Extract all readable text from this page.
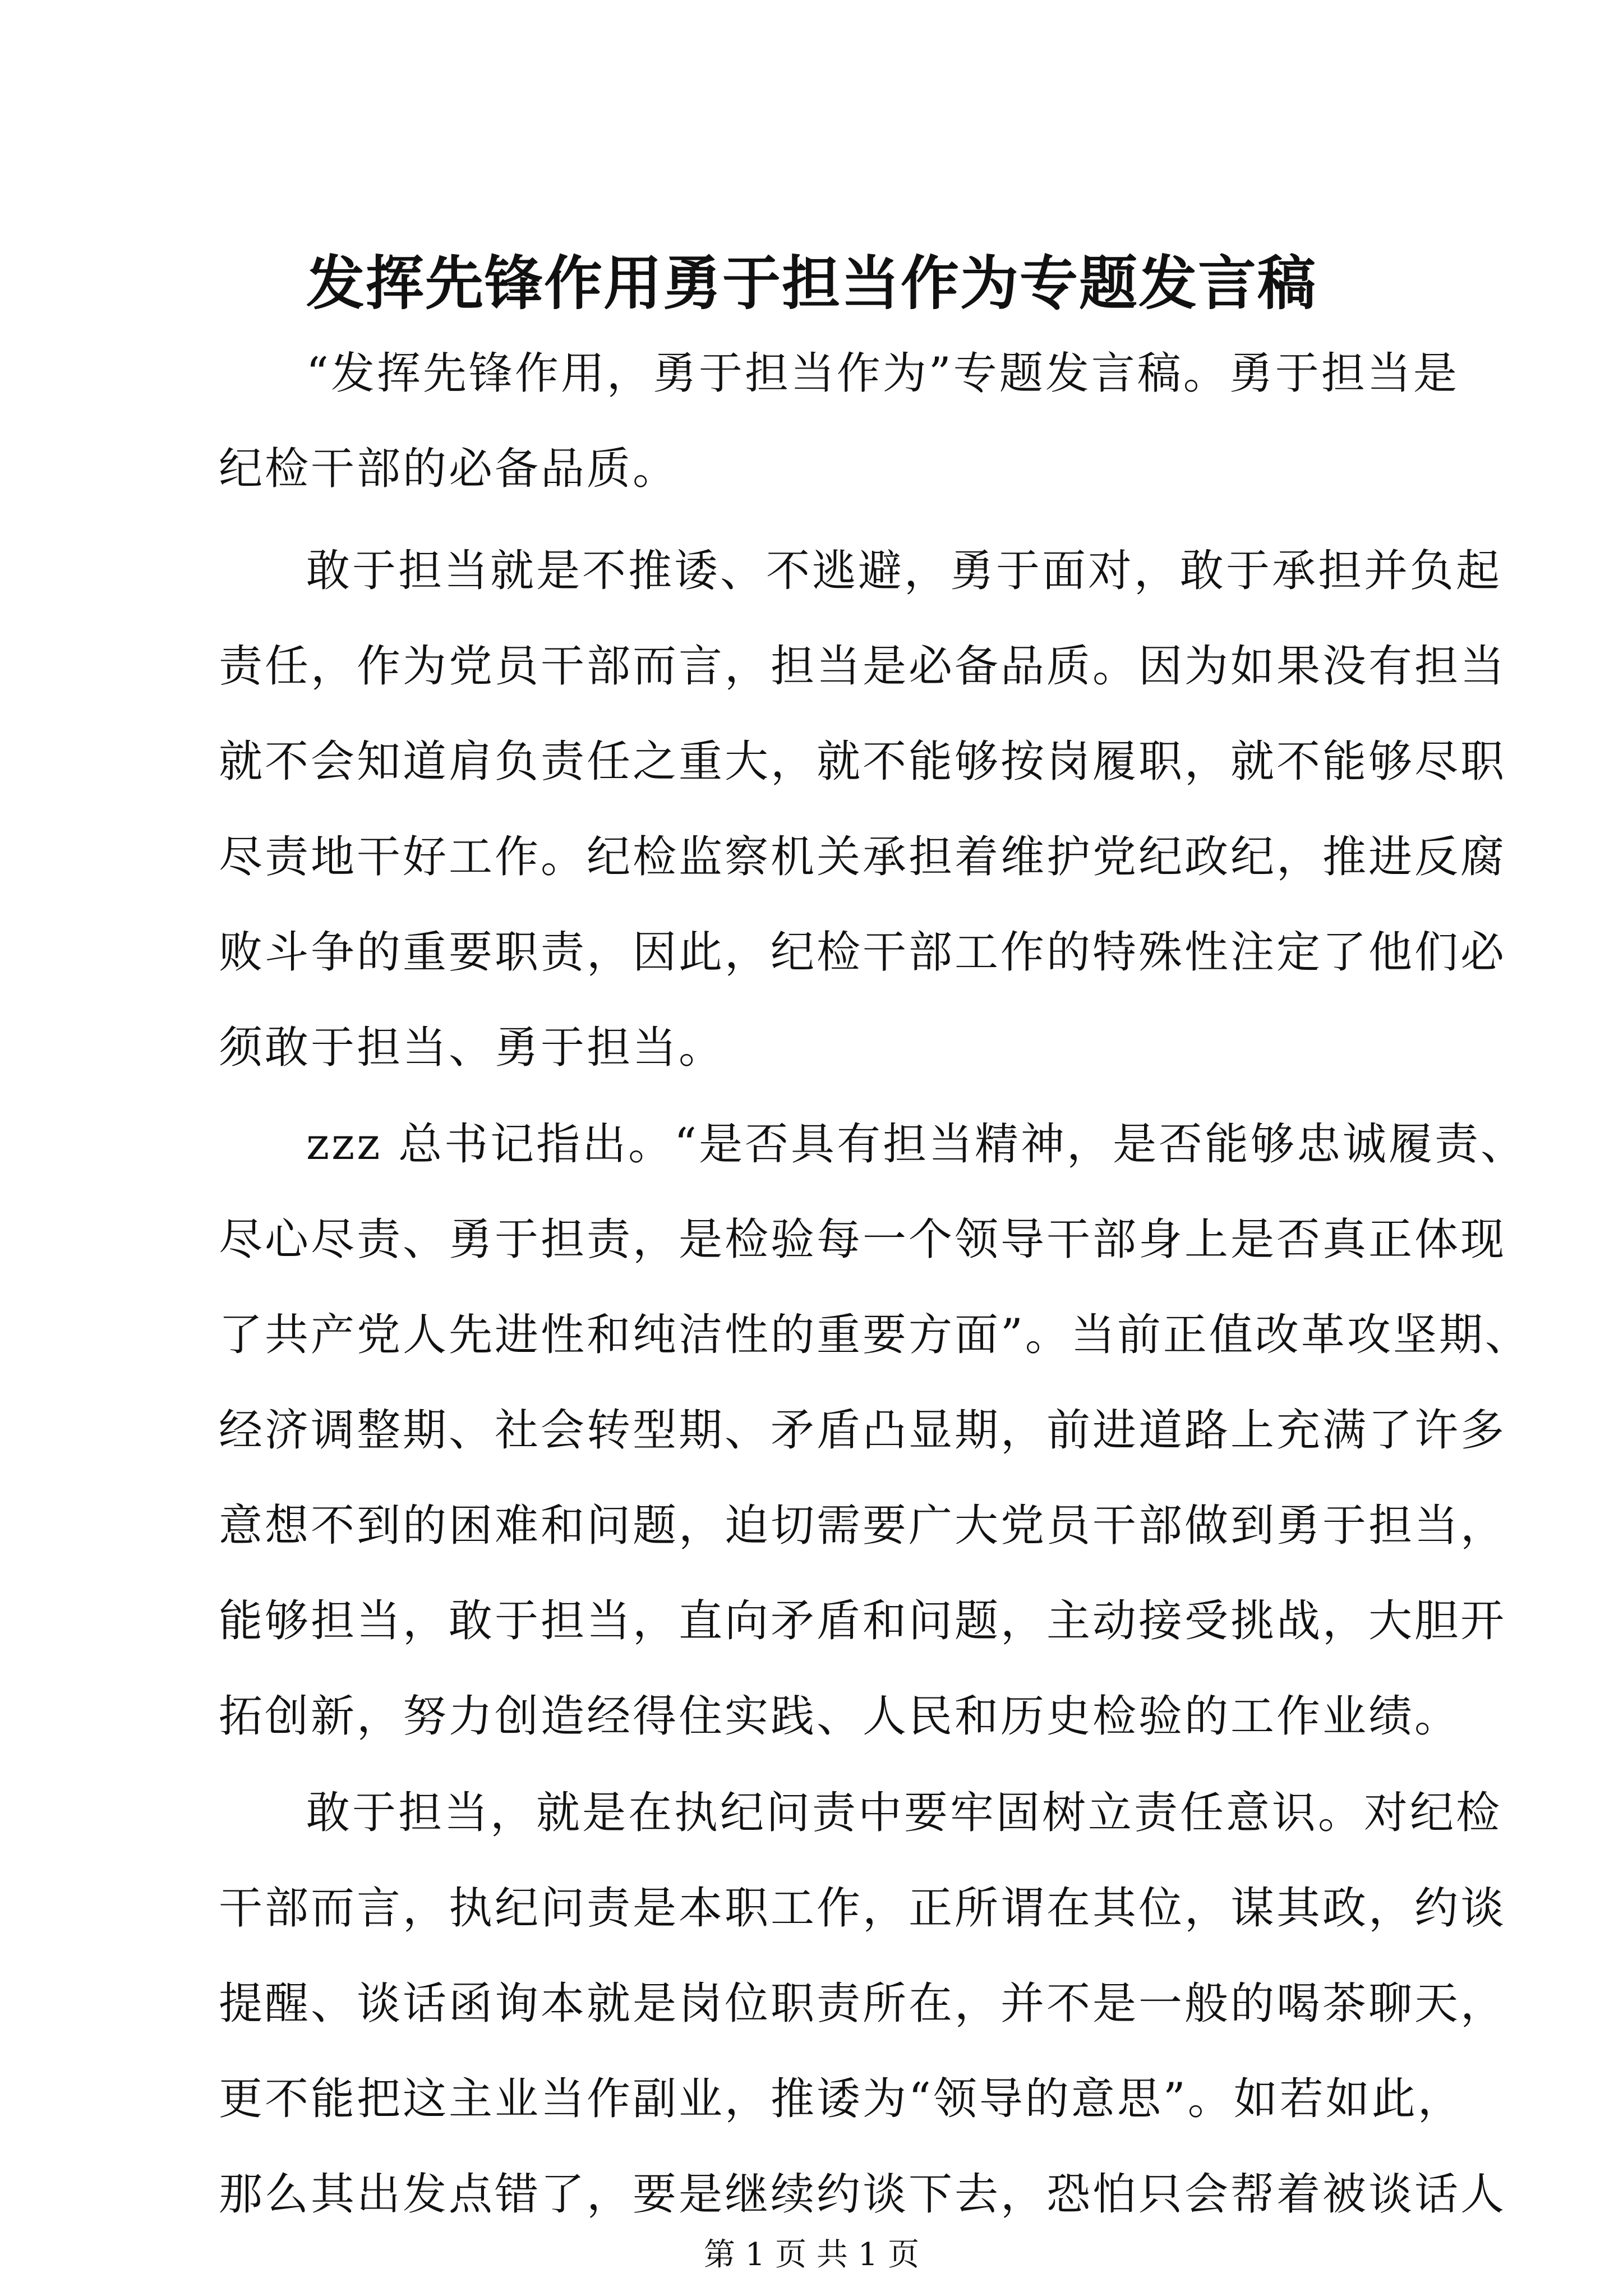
发挥先锋作用勇于担当作为专题发言稿

“发挥先锋作用，勇于担当作为”专题发言稿。勇于担当是

纪检干部的必备品质。

敢于担当就是不推诿、不逃避，勇于面对，敢于承担并负起

责任，作为党员干部而言，担当是必备品质。因为如果没有担当

就不会知道肩负责任之重大，就不能够按岗履职，就不能够尽职

尽责地干好工作。纪检监察机关承担着维护党纪政纪，推进反腐

败斗争的重要职责，因此，纪检干部工作的特殊性注定了他们必

须敢于担当、勇于担当。

zzz 总书记指出。“是否具有担当精神，是否能够忠诚履责、

尽心尽责、勇于担责，是检验每一个领导干部身上是否真正体现

了共产党人先进性和纯洁性的重要方面”。当前正值改革攻坚期、

经济调整期、社会转型期、矛盾凸显期，前进道路上充满了许多

意想不到的困难和问题，迫切需要广大党员干部做到勇于担当，

能够担当，敢于担当，直向矛盾和问题，主动接受挑战，大胆开

拓创新，努力创造经得住实践、人民和历史检验的工作业绩。

敢于担当，就是在执纪问责中要牢固树立责任意识。对纪检

干部而言，执纪问责是本职工作，正所谓在其位，谋其政，约谈

提醒、谈话函询本就是岗位职责所在，并不是一般的喝茶聊天，

更不能把这主业当作副业，推诿为“领导的意思”。如若如此，

那么其出发点错了，要是继续约谈下去，恐怕只会帮着被谈话人

第 1 页 共 1 页
